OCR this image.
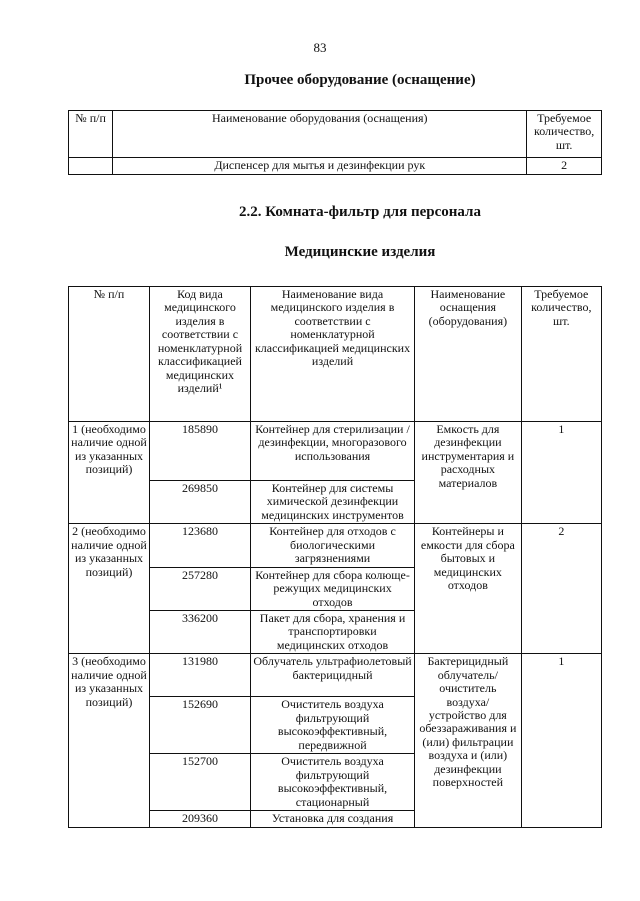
83
Прочее оборудование (оснащение)
№ п/п	Наименование оборудования (оснащения)	Требуемое количество, шт.
	Диспенсер для мытья и дезинфекции рук	2
2.2. Комната-фильтр для персонала
Медицинские изделия
№ п/п	Код вида медицинского изделия в соответствии с номенклатурной классификацией медицинских изделий¹	Наименование вида медицинского изделия в соответствии с номенклатурной классификацией медицинских изделий	Наименование оснащения (оборудования)	Требуемое количество, шт.
1 (необходимо наличие одной из указанных позиций)	185890	Контейнер для стерилизации /дезинфекции, многоразового использования	Емкость для дезинфекции инструментария и расходных материалов	1
	269850	Контейнер для системы химической дезинфекции медицинских инструментов		
2 (необходимо наличие одной из указанных позиций)	123680	Контейнер для отходов с биологическими загрязнениями	Контейнеры и емкости для сбора бытовых и медицинских отходов	2
	257280	Контейнер для сбора колюще-режущих медицинских отходов		
	336200	Пакет для сбора, хранения и транспортировки медицинских отходов		
3 (необходимо наличие одной из указанных позиций)	131980	Облучатель ультрафиолетовый бактерицидный	Бактерицидный облучатель/ очиститель воздуха/ устройство для обеззараживания и (или) фильтрации воздуха и (или) дезинфекции поверхностей	1
	152690	Очиститель воздуха фильтрующий высокоэффективный, передвижной		
	152700	Очиститель воздуха фильтрующий высокоэффективный, стационарный		
	209360	Установка для создания		
